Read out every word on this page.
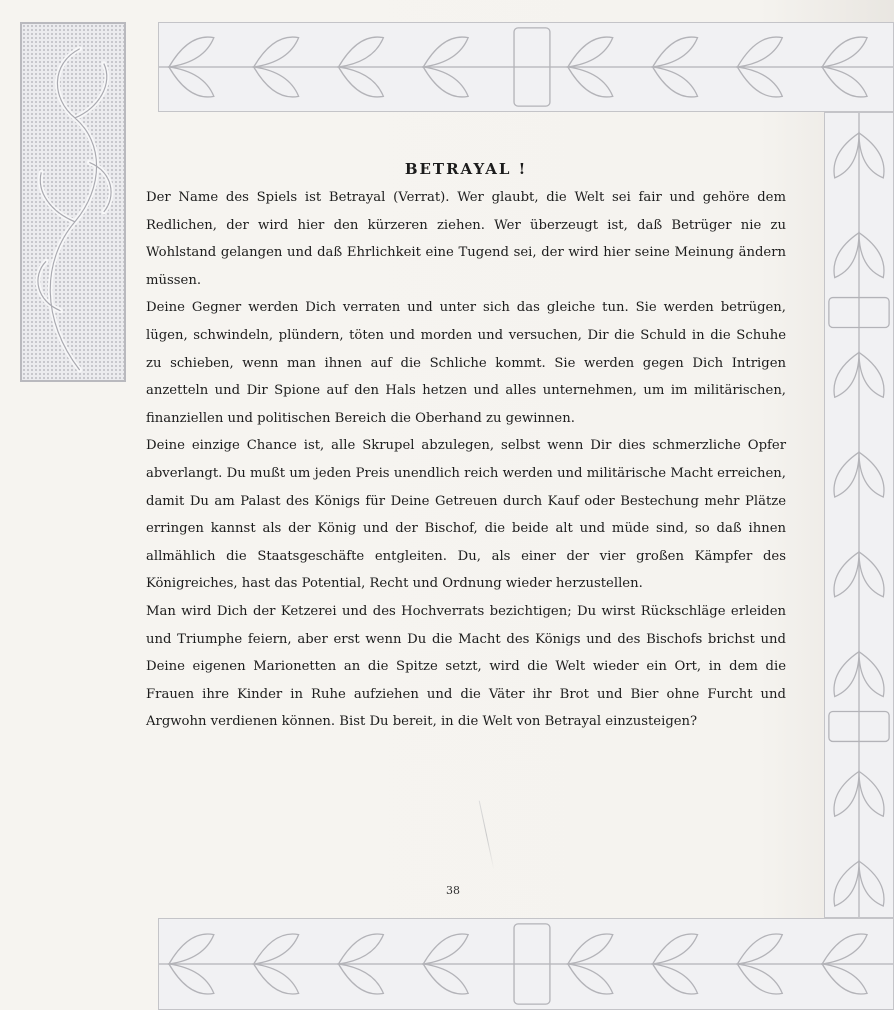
BETRAYAL !

Der Name des Spiels ist Betrayal (Verrat). Wer glaubt, die Welt sei fair und gehöre dem Redlichen, der wird hier den kürzeren ziehen. Wer überzeugt ist, daß Betrüger nie zu Wohlstand gelangen und daß Ehrlichkeit eine Tugend sei, der wird hier seine Meinung ändern müssen.

Deine Gegner werden Dich verraten und unter sich das gleiche tun. Sie werden betrügen, lügen, schwindeln, plündern, töten und morden und versuchen, Dir die Schuld in die Schuhe zu schieben, wenn man ihnen auf die Schliche kommt. Sie werden gegen Dich Intrigen anzetteln und Dir Spione auf den Hals hetzen und alles unternehmen, um im militärischen, finanziellen und politischen Bereich die Oberhand zu gewinnen.

Deine einzige Chance ist, alle Skrupel abzulegen, selbst wenn Dir dies schmerzliche Opfer abverlangt. Du mußt um jeden Preis unendlich reich werden und militärische Macht erreichen, damit Du am Palast des Königs für Deine Getreuen durch Kauf oder Bestechung mehr Plätze erringen kannst als der König und der Bischof, die beide alt und müde sind, so daß ihnen allmählich die Staatsgeschäfte entgleiten. Du, als einer der vier großen Kämpfer des Königreiches, hast das Potential, Recht und Ordnung wieder herzustellen.

Man wird Dich der Ketzerei und des Hochverrats bezichtigen; Du wirst Rückschläge erleiden und Triumphe feiern, aber erst wenn Du die Macht des Königs und des Bischofs brichst und Deine eigenen Marionetten an die Spitze setzt, wird die Welt wieder ein Ort, in dem die Frauen ihre Kinder in Ruhe aufziehen und die Väter ihr Brot und Bier ohne Furcht und Argwohn verdienen können. Bist Du bereit, in die Welt von Betrayal einzusteigen?

38
